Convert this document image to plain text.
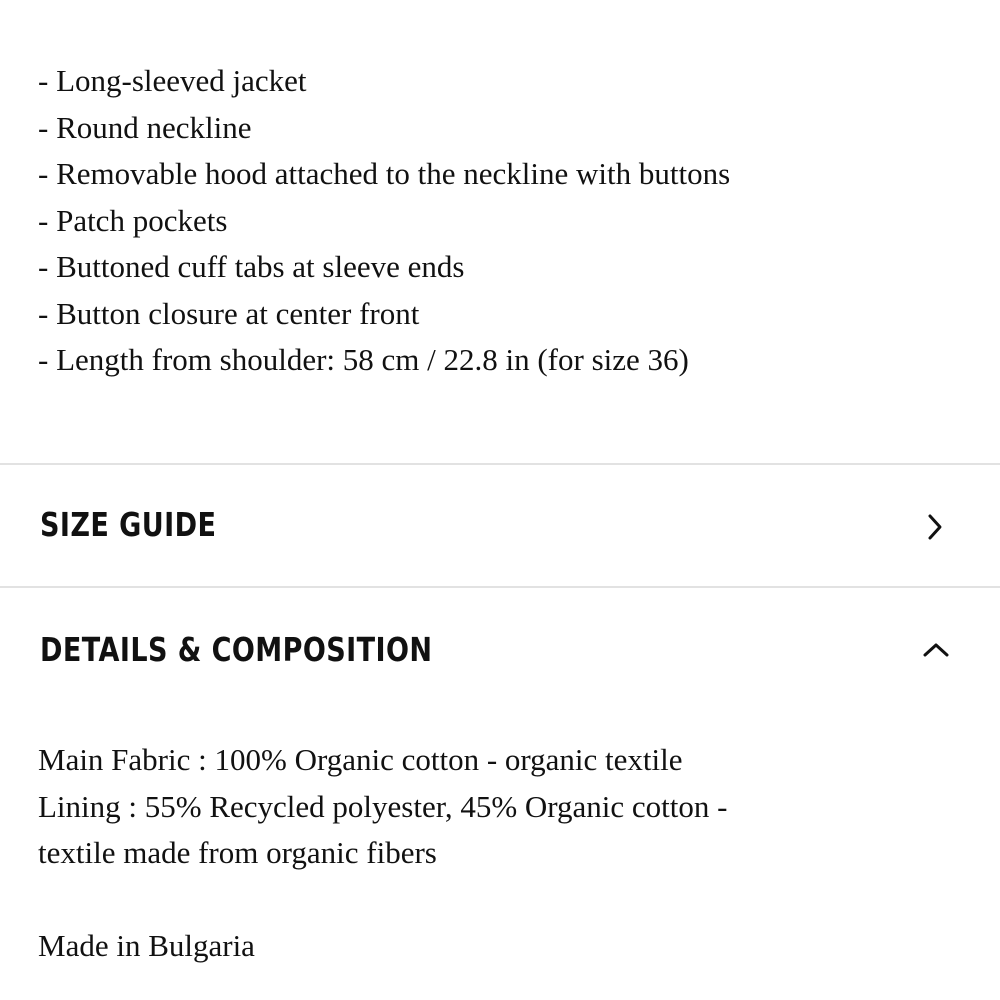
- Long-sleeved jacket
- Round neckline
- Removable hood attached to the neckline with buttons
- Patch pockets
- Buttoned cuff tabs at sleeve ends
- Button closure at center front
- Length from shoulder: 58 cm / 22.8 in (for size 36)
SIZE GUIDE
DETAILS & COMPOSITION
Main Fabric : 100% Organic cotton - organic textile
Lining : 55% Recycled polyester, 45% Organic cotton -
textile made from organic fibers
Made in Bulgaria
